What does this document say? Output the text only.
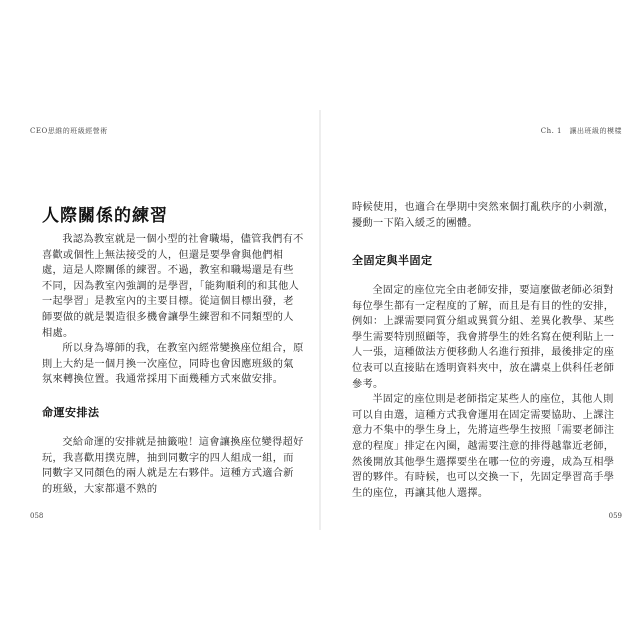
CEO思維的班級經營術
人際關係的練習

我認為教室就是一個小型的社會職場，儘管我們有不喜歡或個性上無法接受的人，但還是要學會與他們相處，這是人際關係的練習。不過，教室和職場還是有些不同，因為教室內強調的是學習，「能夠順利的和其他人一起學習」是教室內的主要目標。從這個目標出發，老師要做的就是製造很多機會讓學生練習和不同類型的人相處。

所以身為導師的我，在教室內經常變換座位組合，原則上大約是一個月換一次座位，同時也會因應班級的氣氛來轉換位置。我通常採用下面幾種方式來做安排。

命運安排法

交給命運的安排就是抽籤啦！這會讓換座位變得超好玩，我喜歡用撲克牌，抽到同數字的四人組成一組，而同數字又同顏色的兩人就是左右夥伴。這種方式適合新的班級，大家都還不熟的

058
Ch. 1　讓出班級的模樣

時候使用，也適合在學期中突然來個打亂秩序的小刺激，擾動一下陷入緩乏的團體。

全固定與半固定

全固定的座位完全由老師安排，要這麼做老師必須對每位學生都有一定程度的了解，而且是有目的性的安排，例如：上課需要同質分組或異質分組、差異化教學、某些學生需要特別照顧等，我會將學生的姓名寫在便利貼上一人一張，這種做法方便移動人名進行預排，最後排定的座位表可以直接貼在透明資料夾中，放在講桌上供科任老師參考。

半固定的座位則是老師指定某些人的座位，其他人則可以自由選，這種方式我會運用在固定需要協助、上課注意力不集中的學生身上，先將這些學生按照「需要老師注意的程度」排定在內圈，越需要注意的排得越靠近老師，然後開放其他學生選擇要坐在哪一位的旁邊，成為互相學習的夥伴。有時候，也可以交換一下，先固定學習高手學生的座位，再讓其他人選擇。

059
